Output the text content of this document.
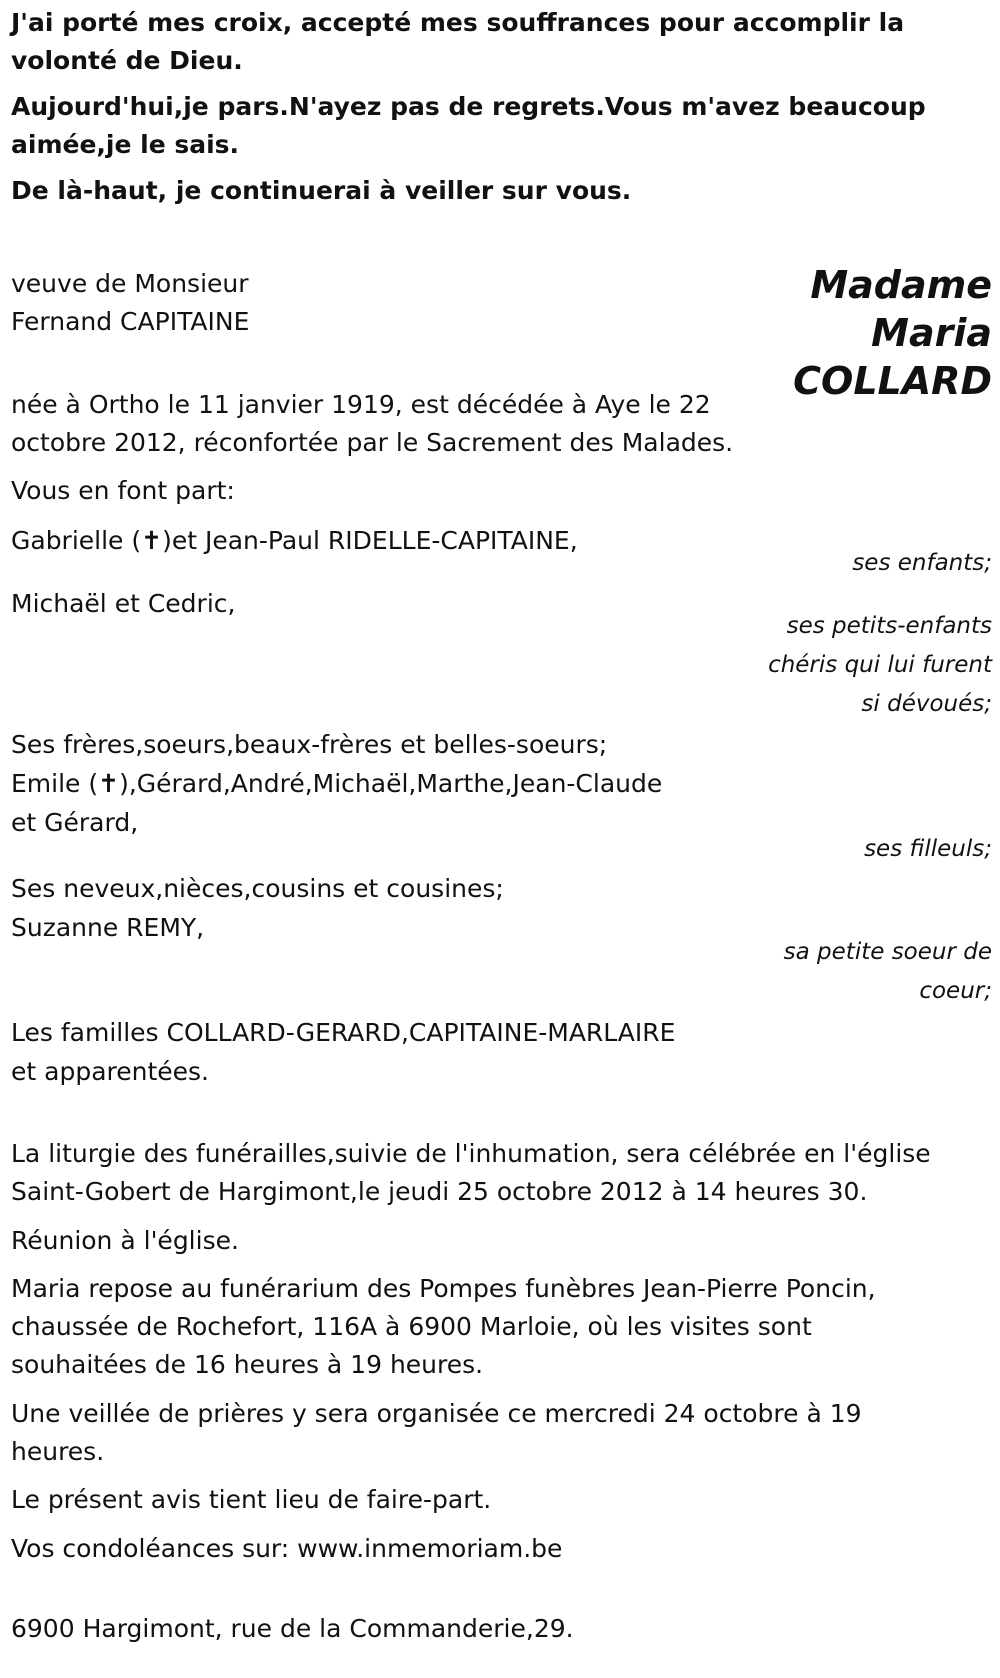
J'ai porté mes croix, accepté mes souffrances pour accomplir la

volonté de Dieu.

Aujourd'hui,je pars.N'ayez pas de regrets.Vous m'avez beaucoup

aimée,je le sais.

De là-haut, je continuerai à veiller sur vous.

Madame

Maria

COLLARD

veuve de Monsieur

Fernand CAPITAINE

née à Ortho le 11 janvier 1919, est décédée à Aye le 22

octobre 2012, réconfortée par le Sacrement des Malades.

Vous en font part:

Gabrielle (✝)et Jean-Paul RIDELLE-CAPITAINE,

ses enfants;

Michaël et Cedric,

ses petits-enfants

chéris qui lui furent

si dévoués;

Ses frères,soeurs,beaux-frères et belles-soeurs;

Emile (✝),Gérard,André,Michaël,Marthe,Jean-Claude

et Gérard,

ses filleuls;

Ses neveux,nièces,cousins et cousines;

Suzanne REMY,

sa petite soeur de

coeur;

Les familles COLLARD-GERARD,CAPITAINE-MARLAIRE

et apparentées.

La liturgie des funérailles,suivie de l'inhumation, sera célébrée en l'église

Saint-Gobert de Hargimont,le jeudi 25 octobre 2012 à 14 heures 30.

Réunion à l'église.

Maria repose au funérarium des Pompes funèbres Jean-Pierre Poncin,

chaussée de Rochefort, 116A à 6900 Marloie, où les visites sont

souhaitées de 16 heures à 19 heures.

Une veillée de prières y sera organisée ce mercredi 24 octobre à 19

heures.

Le présent avis tient lieu de faire-part.

Vos condoléances sur: www.inmemoriam.be

6900 Hargimont, rue de la Commanderie,29.
